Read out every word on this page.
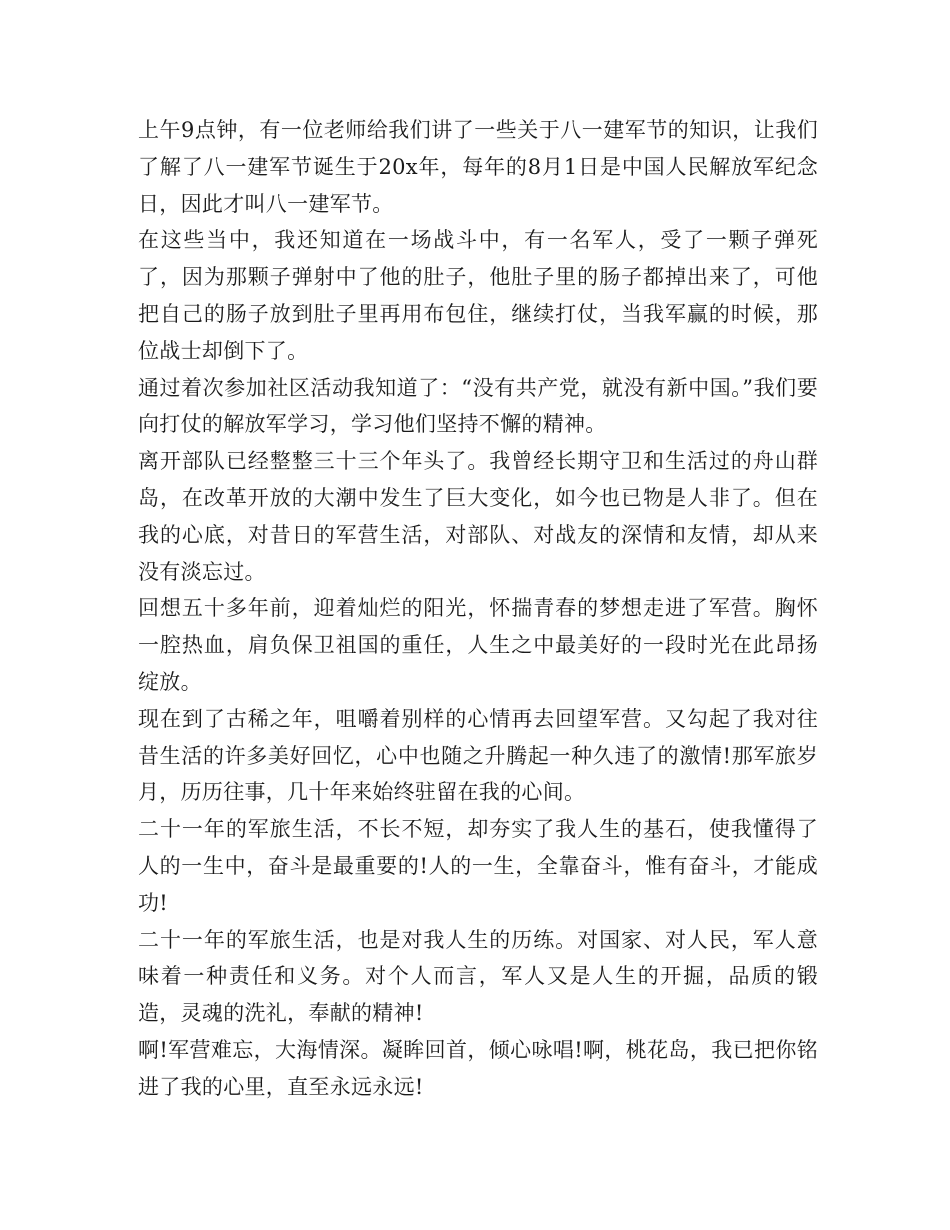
上午9点钟，有一位老师给我们讲了一些关于八一建军节的知识，让我们了解了八一建军节诞生于20x年，每年的8月1日是中国人民解放军纪念日，因此才叫八一建军节。

在这些当中，我还知道在一场战斗中，有一名军人，受了一颗子弹死了，因为那颗子弹射中了他的肚子，他肚子里的肠子都掉出来了，可他把自己的肠子放到肚子里再用布包住，继续打仗，当我军赢的时候，那位战士却倒下了。

通过着次参加社区活动我知道了：“没有共产党，就没有新中国。”我们要向打仗的解放军学习，学习他们坚持不懈的精神。

离开部队已经整整三十三个年头了。我曾经长期守卫和生活过的舟山群岛，在改革开放的大潮中发生了巨大变化，如今也已物是人非了。但在我的心底，对昔日的军营生活，对部队、对战友的深情和友情，却从来没有淡忘过。

回想五十多年前，迎着灿烂的阳光，怀揣青春的梦想走进了军营。胸怀一腔热血，肩负保卫祖国的重任，人生之中最美好的一段时光在此昂扬绽放。

现在到了古稀之年，咀嚼着别样的心情再去回望军营。又勾起了我对往昔生活的许多美好回忆，心中也随之升腾起一种久违了的激情!那军旅岁月，历历往事，几十年来始终驻留在我的心间。

二十一年的军旅生活，不长不短，却夯实了我人生的基石，使我懂得了人的一生中，奋斗是最重要的!人的一生，全靠奋斗，惟有奋斗，才能成功!

二十一年的军旅生活，也是对我人生的历练。对国家、对人民，军人意味着一种责任和义务。对个人而言，军人又是人生的开掘，品质的锻造，灵魂的洗礼，奉献的精神!

啊!军营难忘，大海情深。凝眸回首，倾心咏唱!啊，桃花岛，我已把你铭进了我的心里，直至永远永远!
